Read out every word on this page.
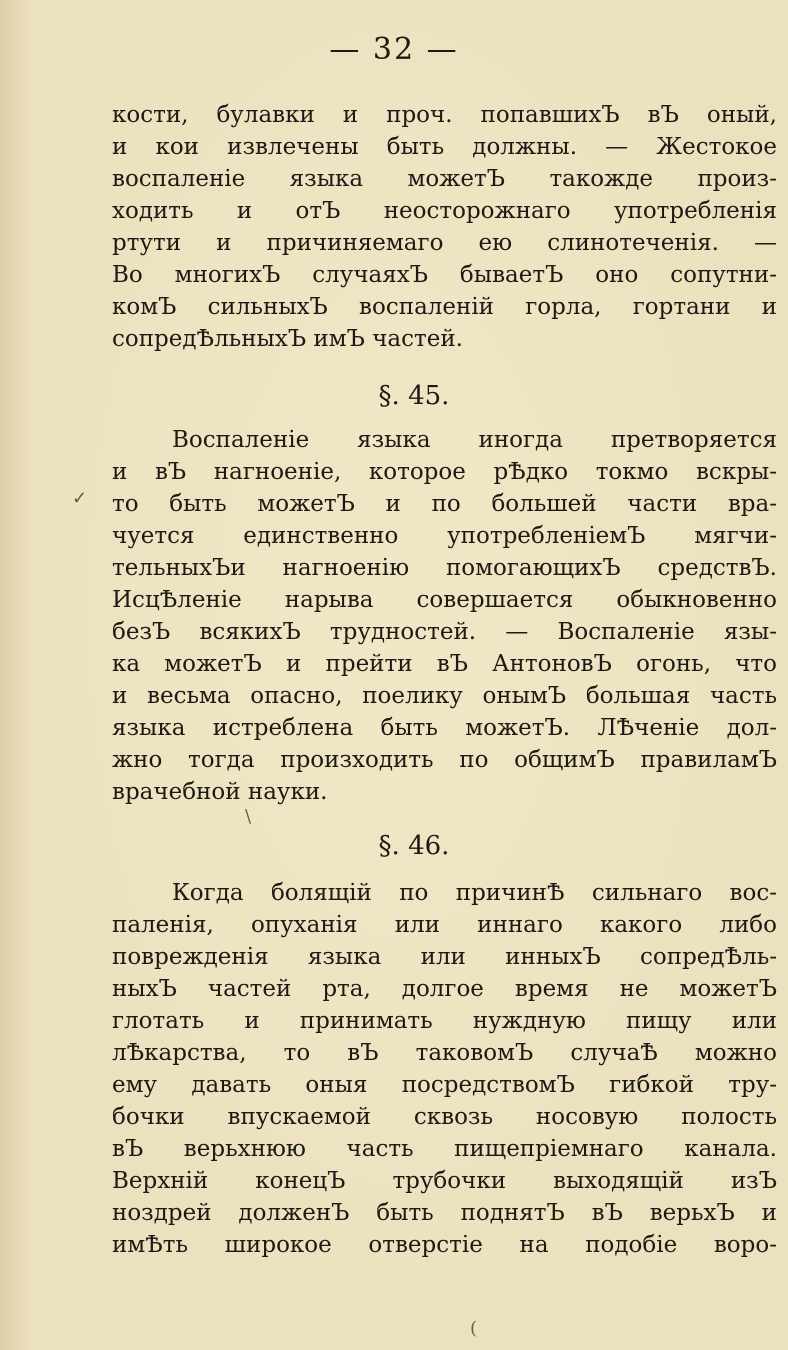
— 32 —
кости, булавки и проч. попавшихЪ вЪ оный,
и кои извлечены быть должны. — Жестокое
воспаленіе языка можетЪ такожде произ-
ходить и отЪ неосторожнаго употребленія
ртути и причиняемаго ею слинотеченія. —
Во многихЪ случаяхЪ бываетЪ оно сопутни-
комЪ сильныхЪ воспаленій горла, гортани и
сопредѢльныхЪ имЪ частей.
§. 45.
Воспаленіе языка иногда претворяется
и вЪ нагноеніе, которое рѢдко токмо вскры-
то быть можетЪ и по большей части вра-
чуется единственно употребленіемЪ мягчи-
тельныхЪи нагноенію помогающихЪ средствЪ.
ИсцѢленіе нарыва совершается обыкновенно
безЪ всякихЪ трудностей. — Воспаленіе язы-
ка можетЪ и прейти вЪ АнтоновЪ огонь, что
и весьма опасно, поелику онымЪ большая часть
языка истреблена быть можетЪ. ЛѢченіе дол-
жно тогда произходить по общимЪ правиламЪ
врачебной науки.
§. 46.
Когда болящій по причинѢ сильнаго вос-
паленія, опуханія или иннаго какого либо
поврежденія языка или инныхЪ сопредѢль-
ныхЪ частей рта, долгое время не можетЪ
глотать и принимать нуждную пищу или
лѢкарства, то вЪ таковомЪ случаѢ можно
ему давать оныя посредствомЪ гибкой тру-
бочки впускаемой сквозь носовую полость
вЪ верьхнюю часть пищепріемнаго канала.
Верхній конецЪ трубочки выходящій изЪ
ноздрей долженЪ быть поднятЪ вЪ верьхЪ и
имѢть широкое отверстіе на подобіе воро-
✓
\
(
